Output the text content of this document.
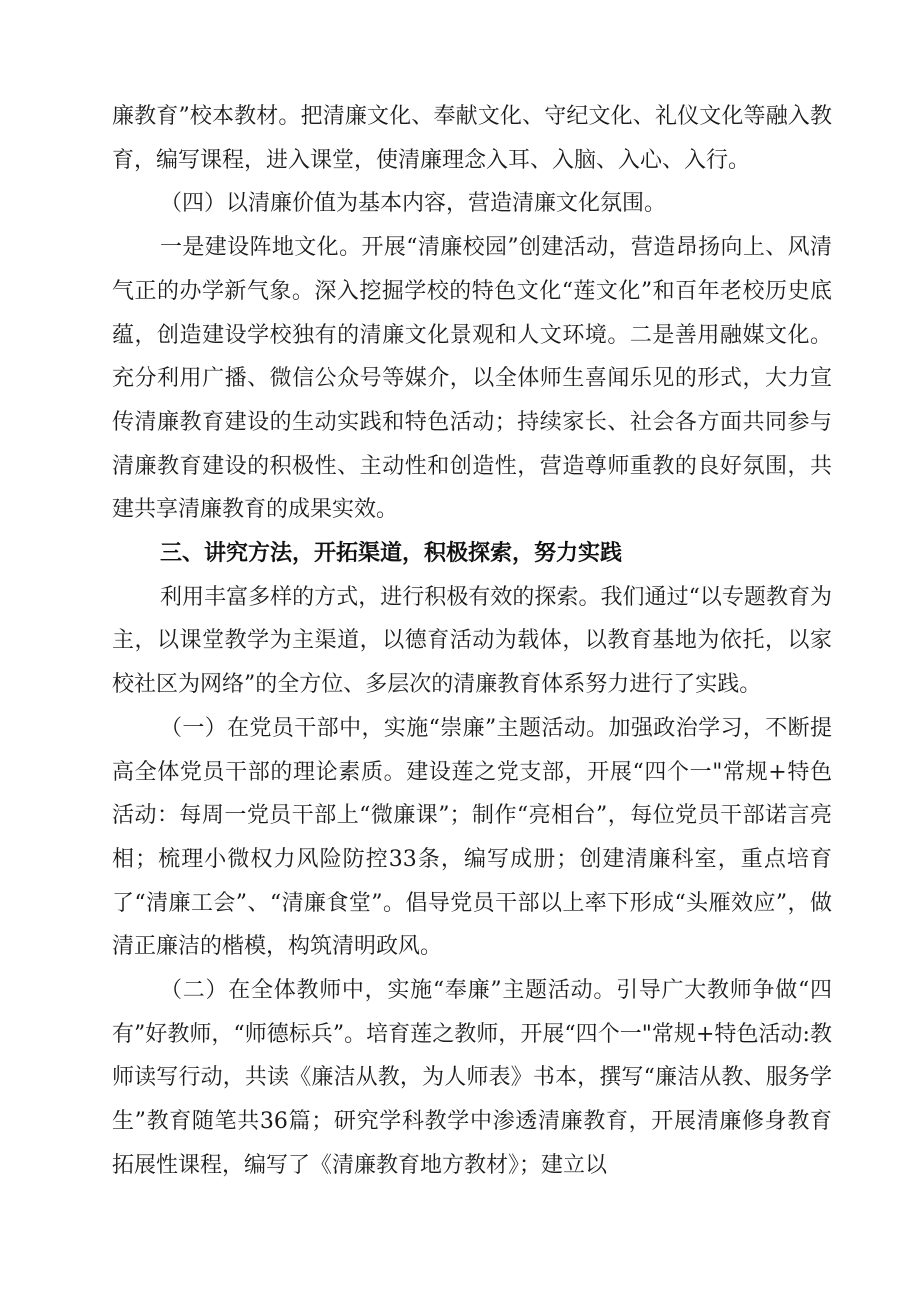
廉教育”校本教材。把清廉文化、奉献文化、守纪文化、礼仪文化等融入教育，编写课程，进入课堂，使清廉理念入耳、入脑、入心、入行。

（四）以清廉价值为基本内容，营造清廉文化氛围。

一是建设阵地文化。开展“清廉校园”创建活动，营造昂扬向上、风清气正的办学新气象。深入挖掘学校的特色文化“莲文化”和百年老校历史底蕴，创造建设学校独有的清廉文化景观和人文环境。二是善用融媒文化。充分利用广播、微信公众号等媒介，以全体师生喜闻乐见的形式，大力宣传清廉教育建设的生动实践和特色活动；持续家长、社会各方面共同参与清廉教育建设的积极性、主动性和创造性，营造尊师重教的良好氛围，共建共享清廉教育的成果实效。

三、讲究方法，开拓渠道，积极探索，努力实践

利用丰富多样的方式，进行积极有效的探索。我们通过“以专题教育为主，以课堂教学为主渠道，以德育活动为载体，以教育基地为依托，以家校社区为网络”的全方位、多层次的清廉教育体系努力进行了实践。

（一）在党员干部中，实施“崇廉”主题活动。加强政治学习，不断提高全体党员干部的理论素质。建设莲之党支部，开展“四个一"常规+特色活动：每周一党员干部上“微廉课”；制作“亮相台”，每位党员干部诺言亮相；梳理小微权力风险防控33条，编写成册；创建清廉科室，重点培育了“清廉工会”、“清廉食堂”。倡导党员干部以上率下形成“头雁效应”，做清正廉洁的楷模，构筑清明政风。

（二）在全体教师中，实施“奉廉”主题活动。引导广大教师争做“四有”好教师，“师德标兵”。培育莲之教师，开展“四个一"常规+特色活动:教师读写行动，共读《廉洁从教，为人师表》书本，撰写“廉洁从教、服务学生”教育随笔共36篇；研究学科教学中渗透清廉教育，开展清廉修身教育拓展性课程，编写了《清廉教育地方教材》；建立以
